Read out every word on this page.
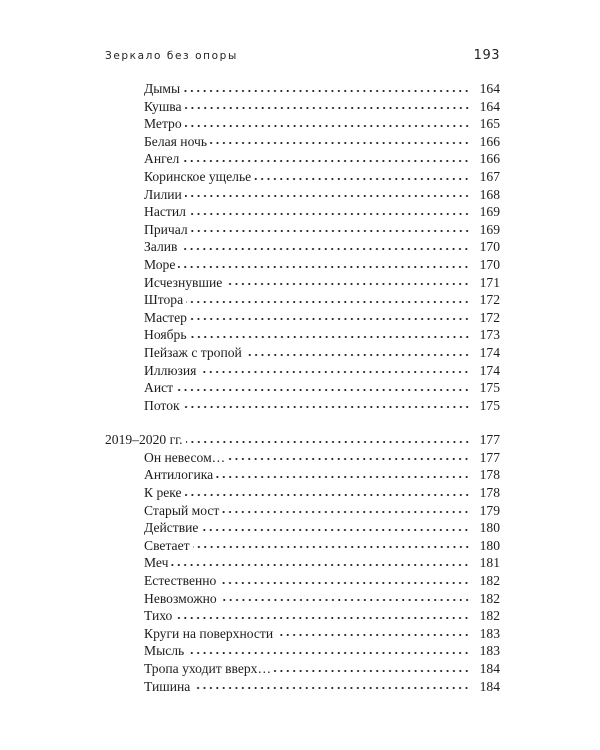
Зеркало без опоры	193
Дымы	164
Кушва	164
Метро	165
Белая ночь	166
Ангел	166
Коринское ущелье	167
Лилии	168
Настил	169
Причал	169
Залив	170
Море	170
Исчезнувшие	171
Штора	172
Мастер	172
Ноябрь	173
Пейзаж с тропой	174
Иллюзия	174
Аист	175
Поток	175
2019–2020 гг.	177
Он невесом…	177
Антилогика	178
К реке	178
Старый мост	179
Действие	180
Светает	180
Меч	181
Естественно	182
Невозможно	182
Тихо	182
Круги на поверхности	183
Мысль	183
Тропа уходит вверх…	184
Тишина	184
